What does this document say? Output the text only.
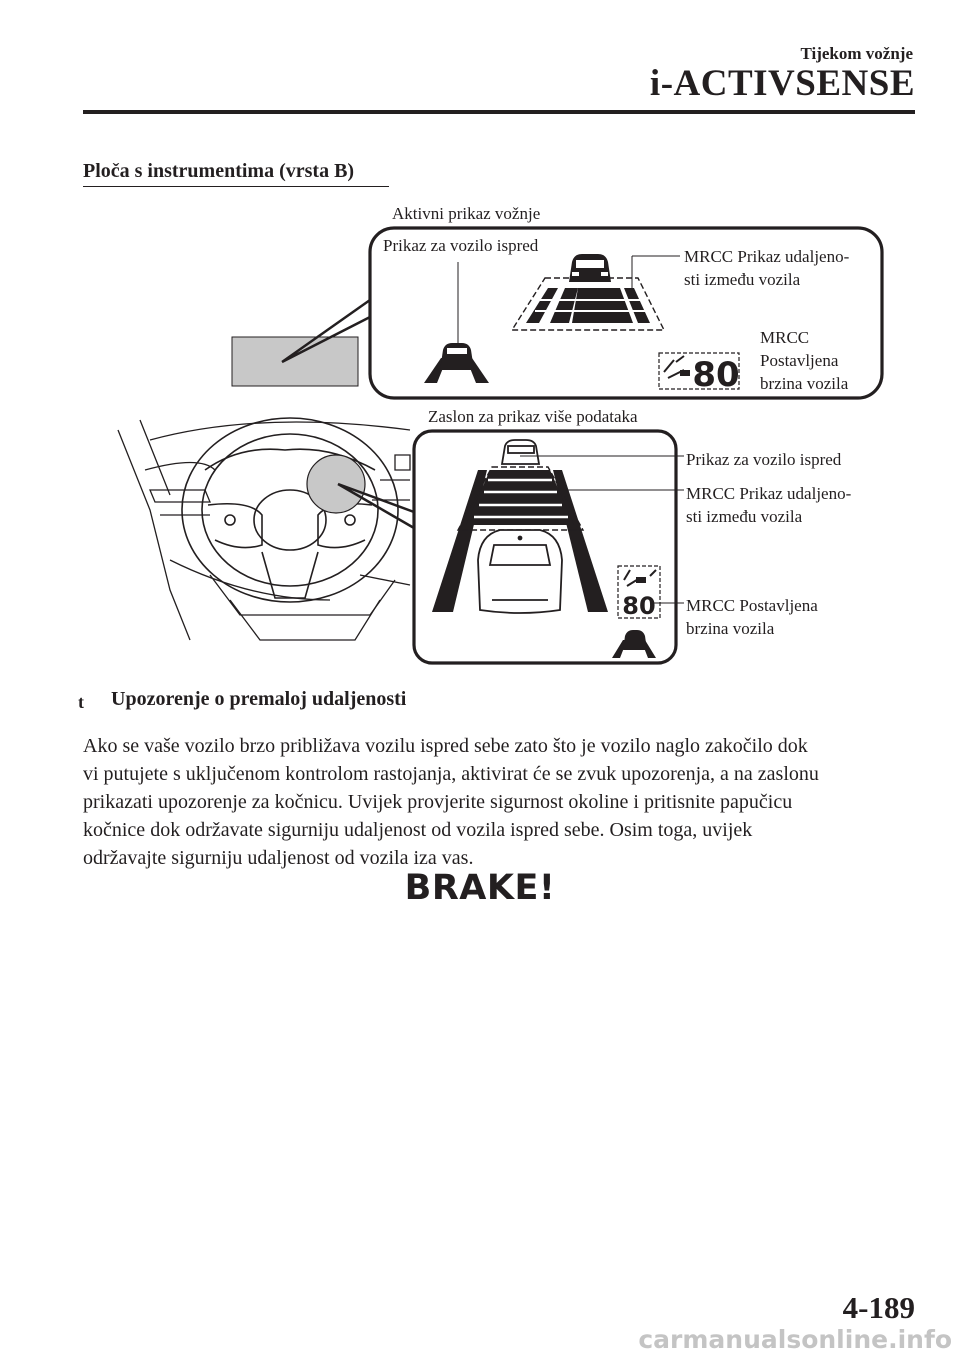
Tijekom vožnje
i-ACTIVSENSE
Ploča s instrumentima (vrsta B)
80
80
Aktivni prikaz vožnje
Prikaz za vozilo ispred
MRCC Prikaz udaljeno-
sti između vozila
MRCC
Postavljena
brzina vozila
Zaslon za prikaz više podataka
Prikaz za vozilo ispred
MRCC Prikaz udaljeno-
sti između vozila
MRCC Postavljena
brzina vozila
t Upozorenje o premaloj udaljenosti
Ako se vaše vozilo brzo približava vozilu ispred sebe zato što je vozilo naglo zakočilo dok
vi putujete s uključenom kontrolom rastojanja, aktivirat će se zvuk upozorenja, a na zaslonu
prikazati upozorenje za kočnicu. Uvijek provjerite sigurnost okoline i pritisnite papučicu
kočnice dok održavate sigurniju udaljenost od vozila ispred sebe. Osim toga, uvijek
održavajte sigurniju udaljenost od vozila iza vas.
BRAKE!
4-189
carmanualsonline.info
